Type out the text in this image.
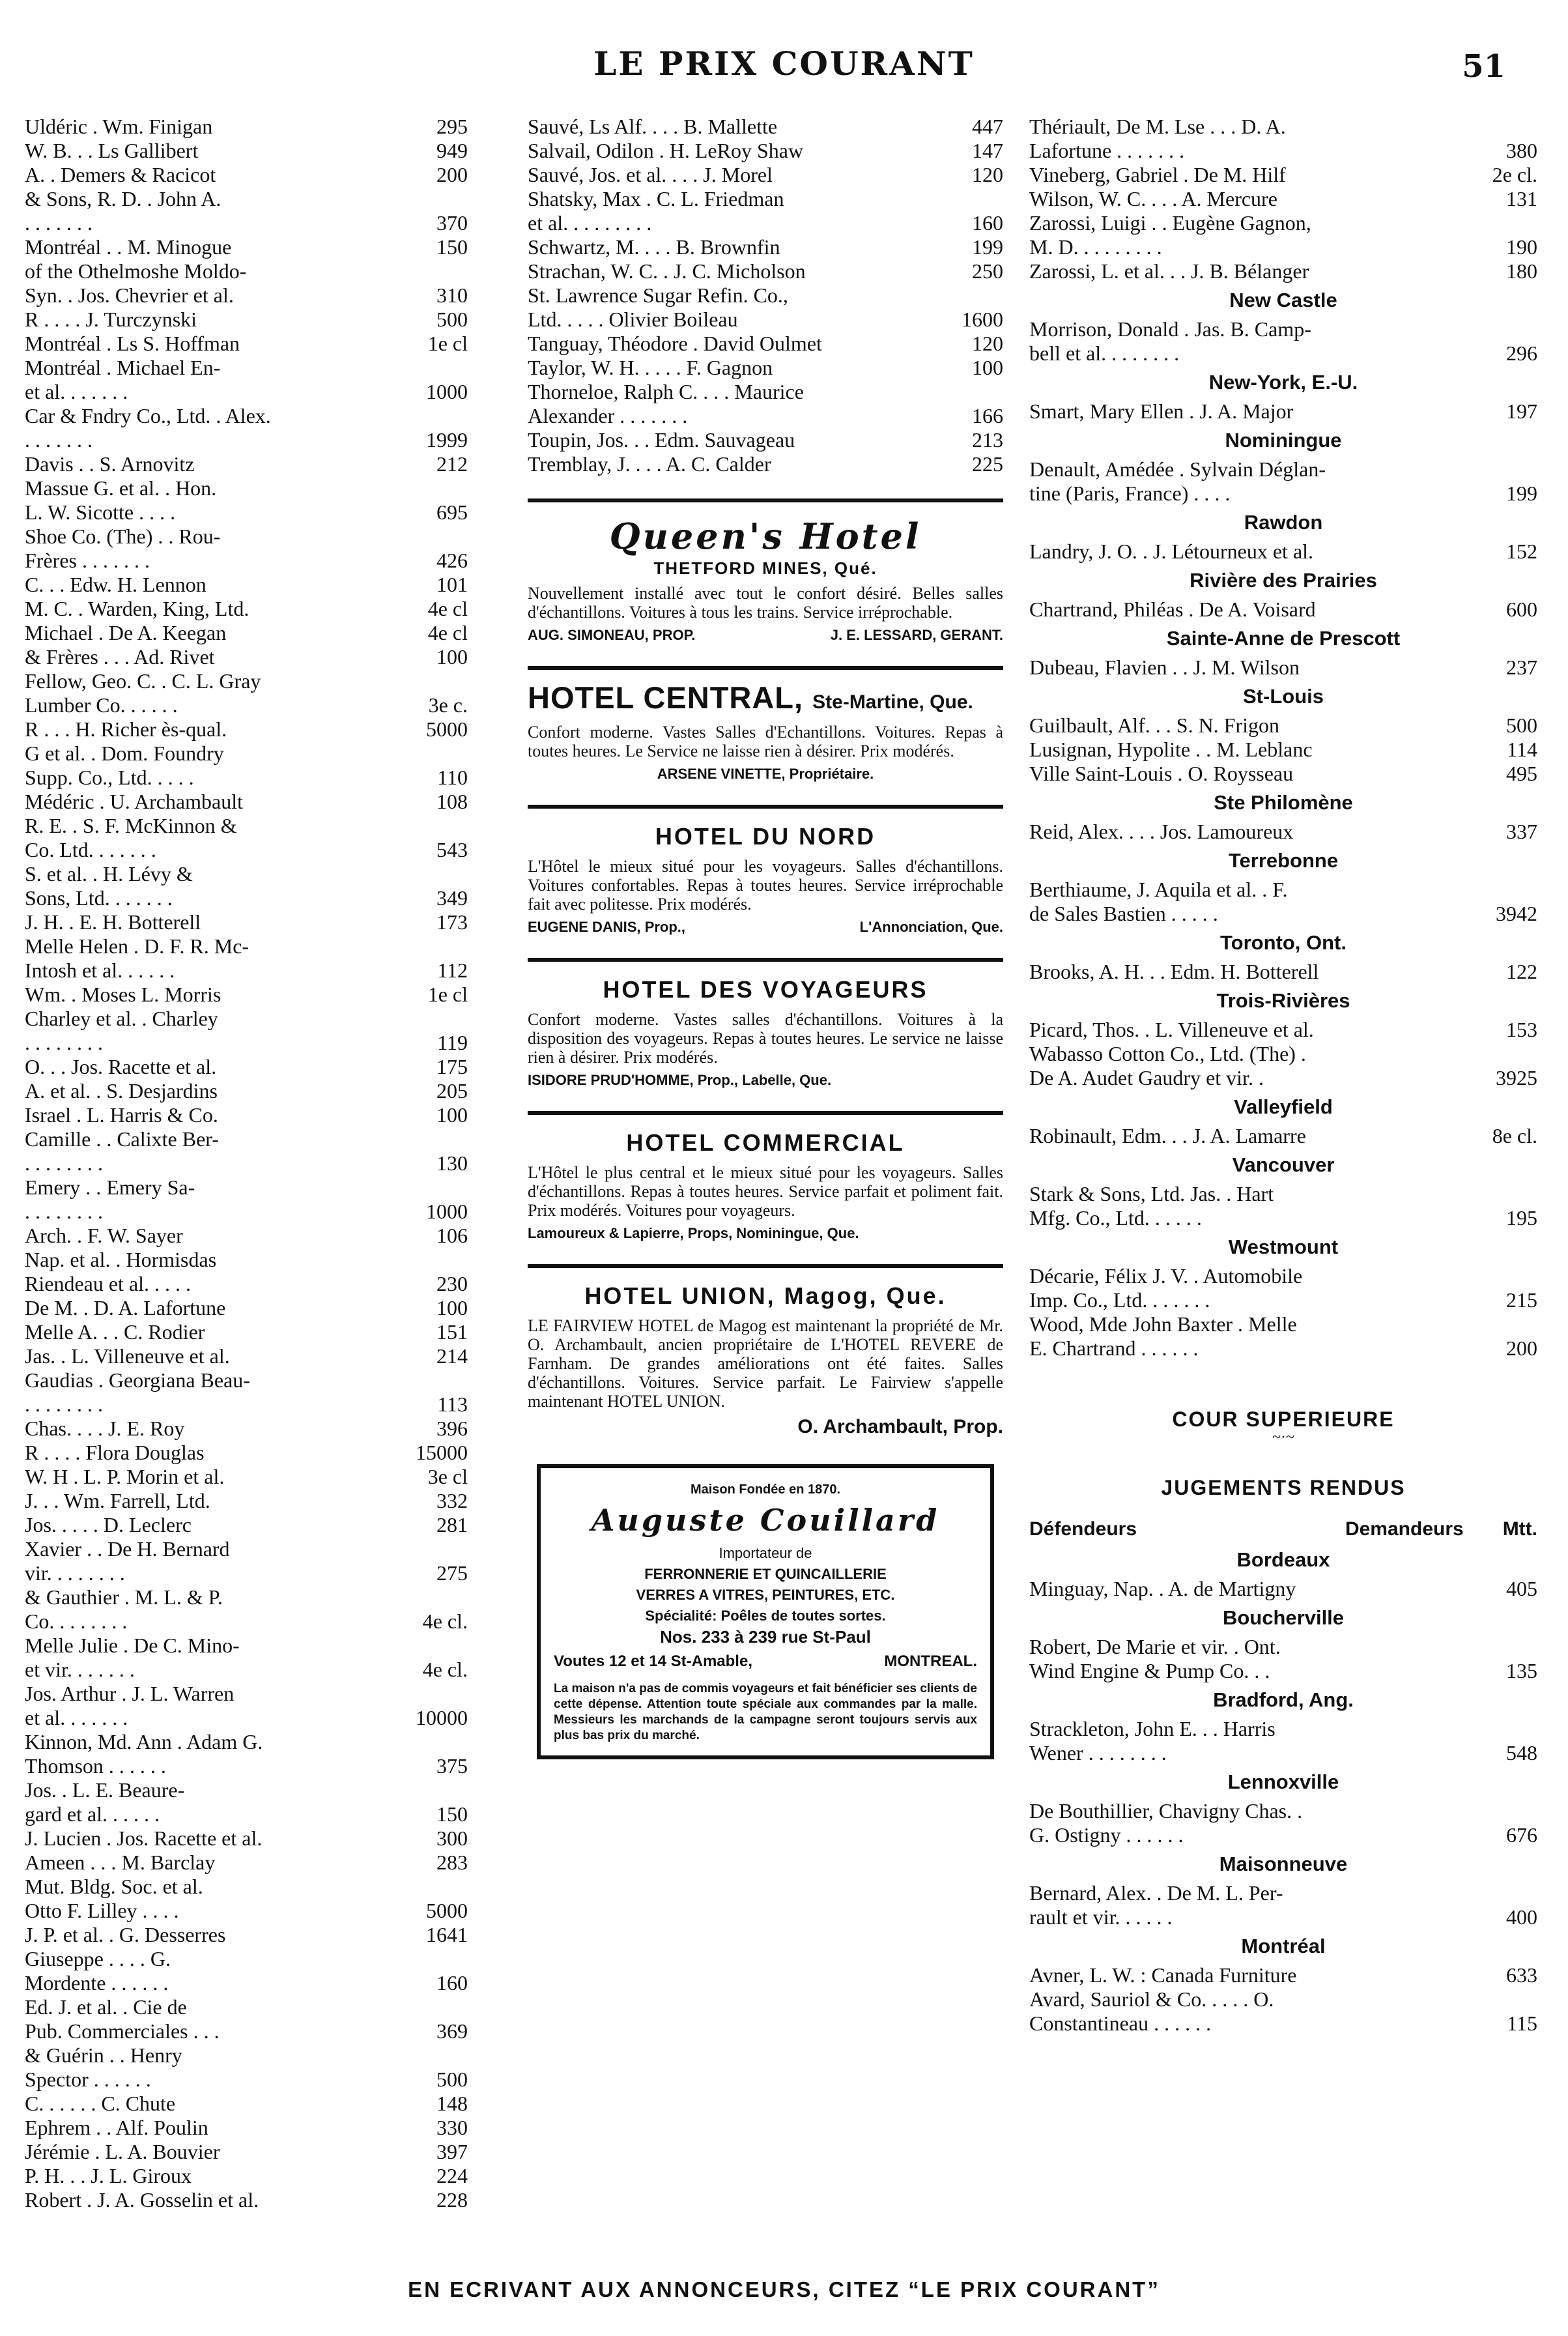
LE PRIX COURANT	51
Uldéric . Wm. Finigan	295
W. B. . . Ls Gallibert	949
A. . Demers & Racicot	200
& Sons, R. D. . John A.
. . . . . . .	370
Montréal . . M. Minogue	150
of the Othelmoshe Moldo-
Syn. . Jos. Chevrier et al.	310
R . . . . J. Turczynski	500
Montréal . Ls S. Hoffman	1e cl
Montréal . Michael En-
et al. . . . . . .	1000
Car & Fndry Co., Ltd. . Alex.
. . . . . . .	1999
Davis . . S. Arnovitz	212
Massue G. et al. . Hon.
L. W. Sicotte . . . .	695
Shoe Co. (The) . . Rou-
Frères . . . . . . .	426
C. . . Edw. H. Lennon	101
M. C. . Warden, King, Ltd.	4e cl
Michael . De A. Keegan	4e cl
& Frères . . . Ad. Rivet	100
Fellow, Geo. C. . C. L. Gray
Lumber Co. . . . . .	3e c.
R . . . H. Richer ès-qual.	5000
G et al. . Dom. Foundry
Supp. Co., Ltd. . . . .	110
Médéric . U. Archambault	108
R. E. . S. F. McKinnon &
Co. Ltd. . . . . . .	543
S. et al. . H. Lévy &
Sons, Ltd. . . . . . .	349
J. H. . E. H. Botterell	173
Melle Helen . D. F. R. Mc-
Intosh et al. . . . . .	112
Wm. . Moses L. Morris	1e cl
Charley et al. . Charley
. . . . . . . .	119
O. . . Jos. Racette et al.	175
A. et al. . S. Desjardins	205
Israel . L. Harris & Co.	100
Camille . . Calixte Ber-
. . . . . . . .	130
Emery . . Emery Sa-
. . . . . . . .	1000
Arch. . F. W. Sayer	106
Nap. et al. . Hormisdas
Riendeau et al. . . . .	230
De M. . D. A. Lafortune	100
Melle A. . . C. Rodier	151
Jas. . L. Villeneuve et al.	214
Gaudias . Georgiana Beau-
. . . . . . . .	113
Chas. . . . J. E. Roy	396
R . . . . Flora Douglas	15000
W. H . L. P. Morin et al.	3e cl
J. . . Wm. Farrell, Ltd.	332
Jos. . . . . D. Leclerc	281
Xavier . . De H. Bernard
vir. . . . . . . .	275
& Gauthier . M. L. & P.
Co. . . . . . . .	4e cl.
Melle Julie . De C. Mino-
et vir. . . . . . .	4e cl.
Jos. Arthur . J. L. Warren
et al. . . . . . .	10000
Kinnon, Md. Ann . Adam G.
Thomson . . . . . .	375
Jos. . L. E. Beaure-
gard et al. . . . . .	150
J. Lucien . Jos. Racette et al.	300
Ameen . . . M. Barclay	283
Mut. Bldg. Soc. et al.
Otto F. Lilley . . . .	5000
J. P. et al. . G. Desserres	1641
Giuseppe . . . . G.
Mordente . . . . . .	160
Ed. J. et al. . Cie de
Pub. Commerciales . . .	369
& Guérin . . Henry
Spector . . . . . .	500
C. . . . . . C. Chute	148
Ephrem . . Alf. Poulin	330
Jérémie . L. A. Bouvier	397
P. H. . . J. L. Giroux	224
Robert . J. A. Gosselin et al.	228
Sauvé, Ls Alf. . . . B. Mallette	447
Salvail, Odilon . H. LeRoy Shaw	147
Sauvé, Jos. et al. . . . J. Morel	120
Shatsky, Max . C. L. Friedman
et al. . . . . . . . .	160
Schwartz, M. . . . B. Brownfin	199
Strachan, W. C. . J. C. Micholson	250
St. Lawrence Sugar Refin. Co.,
Ltd. . . . . Olivier Boileau	1600
Tanguay, Théodore . David Oulmet	120
Taylor, W. H. . . . . F. Gagnon	100
Thorneloe, Ralph C. . . . Maurice
Alexander . . . . . . .	166
Toupin, Jos. . . Edm. Sauvageau	213
Tremblay, J. . . . A. C. Calder	225
Queen's Hotel
THETFORD MINES, Qué.
Nouvellement installé avec tout le confort désiré. Belles salles d'échantillons. Voitures à tous les trains. Service irréprochable.
AUG. SIMONEAU, PROP.	J. E. LESSARD, GERANT.
HOTEL CENTRAL, Ste-Martine, Que.
Confort moderne. Vastes Salles d'Echantillons. Voitures. Repas à toutes heures. Le Service ne laisse rien à désirer. Prix modérés.
ARSENE VINETTE, Propriétaire.
HOTEL DU NORD
L'Hôtel le mieux situé pour les voyageurs. Salles d'échantillons. Voitures confortables. Repas à toutes heures. Service irréprochable fait avec politesse. Prix modérés.
EUGENE DANIS, Prop.,	L'Annonciation, Que.
HOTEL DES VOYAGEURS
Confort moderne. Vastes salles d'échantillons. Voitures à la disposition des voyageurs. Repas à toutes heures. Le service ne laisse rien à désirer. Prix modérés.
ISIDORE PRUD'HOMME, Prop., Labelle, Que.
HOTEL COMMERCIAL
L'Hôtel le plus central et le mieux situé pour les voyageurs. Salles d'échantillons. Repas à toutes heures. Service parfait et poliment fait. Prix modérés. Voitures pour voyageurs.
Lamoureux & Lapierre, Props, Nominingue, Que.
HOTEL UNION, Magog, Que.
LE FAIRVIEW HOTEL de Magog est maintenant la propriété de Mr. O. Archambault, ancien propriétaire de L'HOTEL REVERE de Farnham. De grandes améliorations ont été faites. Salles d'échantillons. Voitures. Service parfait. Le Fairview s'appelle maintenant HOTEL UNION.
O. Archambault, Prop.
Maison Fondée en 1870.
Auguste Couillard
Importateur de
FERRONNERIE ET QUINCAILLERIE
VERRES A VITRES, PEINTURES, ETC.
Spécialité: Poêles de toutes sortes.
Nos. 233 à 239 rue St-Paul
Voutes 12 et 14 St-Amable,	MONTREAL.
La maison n'a pas de commis voyageurs et fait bénéficier ses clients de cette dépense. Attention toute spéciale aux commandes par la malle. Messieurs les marchands de la campagne seront toujours servis aux plus bas prix du marché.
Thériault, De M. Lse . . . D. A.
Lafortune . . . . . . .	380
Vineberg, Gabriel . De M. Hilf	2e cl.
Wilson, W. C. . . . A. Mercure	131
Zarossi, Luigi . . Eugène Gagnon,
M. D. . . . . . . . .	190
Zarossi, L. et al. . . J. B. Bélanger	180
New Castle
Morrison, Donald . Jas. B. Camp-
bell et al. . . . . . . .	296
New-York, E.-U.
Smart, Mary Ellen . J. A. Major	197
Nominingue
Denault, Amédée . Sylvain Déglan-
tine (Paris, France) . . . .	199
Rawdon
Landry, J. O. . J. Létourneux et al.	152
Rivière des Prairies
Chartrand, Philéas . De A. Voisard	600
Sainte-Anne de Prescott
Dubeau, Flavien . . J. M. Wilson	237
St-Louis
Guilbault, Alf. . . S. N. Frigon	500
Lusignan, Hypolite . . M. Leblanc	114
Ville Saint-Louis . O. Roysseau	495
Ste Philomène
Reid, Alex. . . . Jos. Lamoureux	337
Terrebonne
Berthiaume, J. Aquila et al. . F.
de Sales Bastien . . . . .	3942
Toronto, Ont.
Brooks, A. H. . . Edm. H. Botterell	122
Trois-Rivières
Picard, Thos. . L. Villeneuve et al.	153
Wabasso Cotton Co., Ltd. (The) .
De A. Audet Gaudry et vir. .	3925
Valleyfield
Robinault, Edm. . . J. A. Lamarre	8e cl.
Vancouver
Stark & Sons, Ltd. Jas. . Hart
Mfg. Co., Ltd. . . . . .	195
Westmount
Décarie, Félix J. V. . Automobile
Imp. Co., Ltd. . . . . . .	215
Wood, Mde John Baxter . Melle
E. Chartrand . . . . . .	200
COUR SUPERIEURE
~·~
JUGEMENTS RENDUS
Défendeurs	Demandeurs Mtt.
Bordeaux
Minguay, Nap. . A. de Martigny	405
Boucherville
Robert, De Marie et vir. . Ont.
Wind Engine & Pump Co. . .	135
Bradford, Ang.
Strackleton, John E. . . Harris
Wener . . . . . . . .	548
Lennoxville
De Bouthillier, Chavigny Chas. .
G. Ostigny . . . . . .	676
Maisonneuve
Bernard, Alex. . De M. L. Per-
rault et vir. . . . . .	400
Montréal
Avner, L. W. : Canada Furniture	633
Avard, Sauriol & Co. . . . . O.
Constantineau . . . . . .	115
EN ECRIVANT AUX ANNONCEURS, CITEZ “LE PRIX COURANT”
